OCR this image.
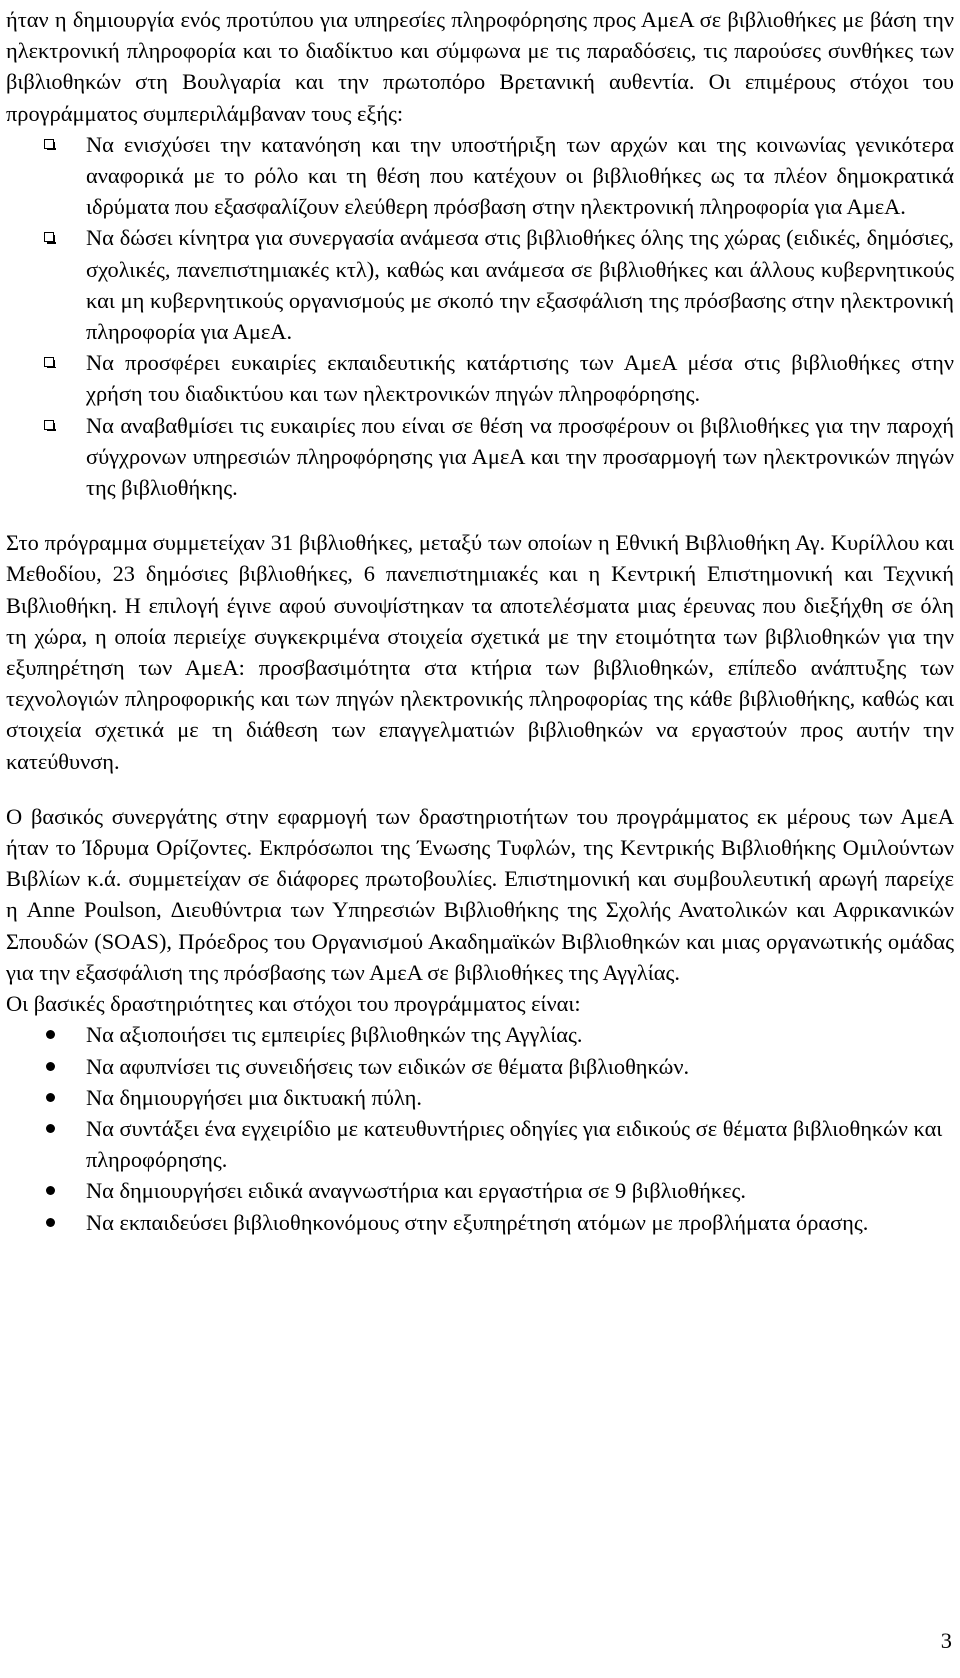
ήταν η δημιουργία ενός προτύπου για υπηρεσίες πληροφόρησης προς ΑμεΑ σε βιβλιοθήκες με βάση την ηλεκτρονική πληροφορία και το διαδίκτυο και σύμφωνα με τις παραδόσεις, τις παρούσες συνθήκες των βιβλιοθηκών στη Βουλγαρία και την πρωτοπόρο Βρετανική αυθεντία. Οι επιμέρους στόχοι του προγράμματος συμπεριλάμβαναν τους εξής:

Να ενισχύσει την κατανόηση και την υποστήριξη των αρχών και της κοινωνίας γενικότερα αναφορικά με το ρόλο και τη θέση που κατέχουν οι βιβλιοθήκες ως τα πλέον δημοκρατικά ιδρύματα που εξασφαλίζουν ελεύθερη πρόσβαση στην ηλεκτρονική πληροφορία για ΑμεΑ.
Να δώσει κίνητρα για συνεργασία ανάμεσα στις βιβλιοθήκες όλης της χώρας (ειδικές, δημόσιες, σχολικές, πανεπιστημιακές κτλ), καθώς και ανάμεσα σε βιβλιοθήκες και άλλους κυβερνητικούς και μη κυβερνητικούς οργανισμούς με σκοπό την εξασφάλιση της πρόσβασης στην ηλεκτρονική πληροφορία για ΑμεΑ.
Να προσφέρει ευκαιρίες εκπαιδευτικής κατάρτισης των ΑμεΑ μέσα στις βιβλιοθήκες στην χρήση του διαδικτύου και των ηλεκτρονικών πηγών πληροφόρησης.
Να αναβαθμίσει τις ευκαιρίες που είναι σε θέση να προσφέρουν οι βιβλιοθήκες για την παροχή σύγχρονων υπηρεσιών πληροφόρησης για ΑμεΑ και την προσαρμογή των ηλεκτρονικών πηγών της βιβλιοθήκης.

Στο πρόγραμμα συμμετείχαν 31 βιβλιοθήκες, μεταξύ των οποίων η Εθνική Βιβλιοθήκη Αγ. Κυρίλλου και Μεθοδίου, 23 δημόσιες βιβλιοθήκες, 6 πανεπιστημιακές και η Κεντρική Επιστημονική και Τεχνική Βιβλιοθήκη. Η επιλογή έγινε αφού συνοψίστηκαν τα αποτελέσματα μιας έρευνας που διεξήχθη σε όλη τη χώρα, η οποία περιείχε συγκεκριμένα στοιχεία σχετικά με την ετοιμότητα των βιβλιοθηκών για την εξυπηρέτηση των ΑμεΑ: προσβασιμότητα στα κτήρια των βιβλιοθηκών, επίπεδο ανάπτυξης των τεχνολογιών πληροφορικής και των πηγών ηλεκτρονικής πληροφορίας της κάθε βιβλιοθήκης, καθώς και στοιχεία σχετικά με τη διάθεση των επαγγελματιών βιβλιοθηκών να εργαστούν προς αυτήν την κατεύθυνση.

Ο βασικός συνεργάτης στην εφαρμογή των δραστηριοτήτων του προγράμματος εκ μέρους των ΑμεΑ ήταν το Ίδρυμα Ορίζοντες. Εκπρόσωποι της Ένωσης Τυφλών, της Κεντρικής Βιβλιοθήκης Ομιλούντων Βιβλίων κ.ά. συμμετείχαν σε διάφορες πρωτοβουλίες. Επιστημονική και συμβουλευτική αρωγή παρείχε η Anne Poulson, Διευθύντρια των Υπηρεσιών Βιβλιοθήκης της Σχολής Ανατολικών και Αφρικανικών Σπουδών (SOAS), Πρόεδρος του Οργανισμού Ακαδημαϊκών Βιβλιοθηκών και μιας οργανωτικής ομάδας για την εξασφάλιση της πρόσβασης των ΑμεΑ σε βιβλιοθήκες της Αγγλίας.

Οι βασικές δραστηριότητες και στόχοι του προγράμματος είναι:

Να αξιοποιήσει τις εμπειρίες βιβλιοθηκών της Αγγλίας.
Να αφυπνίσει τις συνειδήσεις των ειδικών σε θέματα βιβλιοθηκών.
Να δημιουργήσει μια δικτυακή πύλη.
Να συντάξει ένα εγχειρίδιο με κατευθυντήριες οδηγίες για ειδικούς σε θέματα βιβλιοθηκών και πληροφόρησης.
Να δημιουργήσει ειδικά αναγνωστήρια και εργαστήρια σε 9 βιβλιοθήκες.
Να εκπαιδεύσει βιβλιοθηκονόμους στην εξυπηρέτηση ατόμων με προβλήματα όρασης.
3
